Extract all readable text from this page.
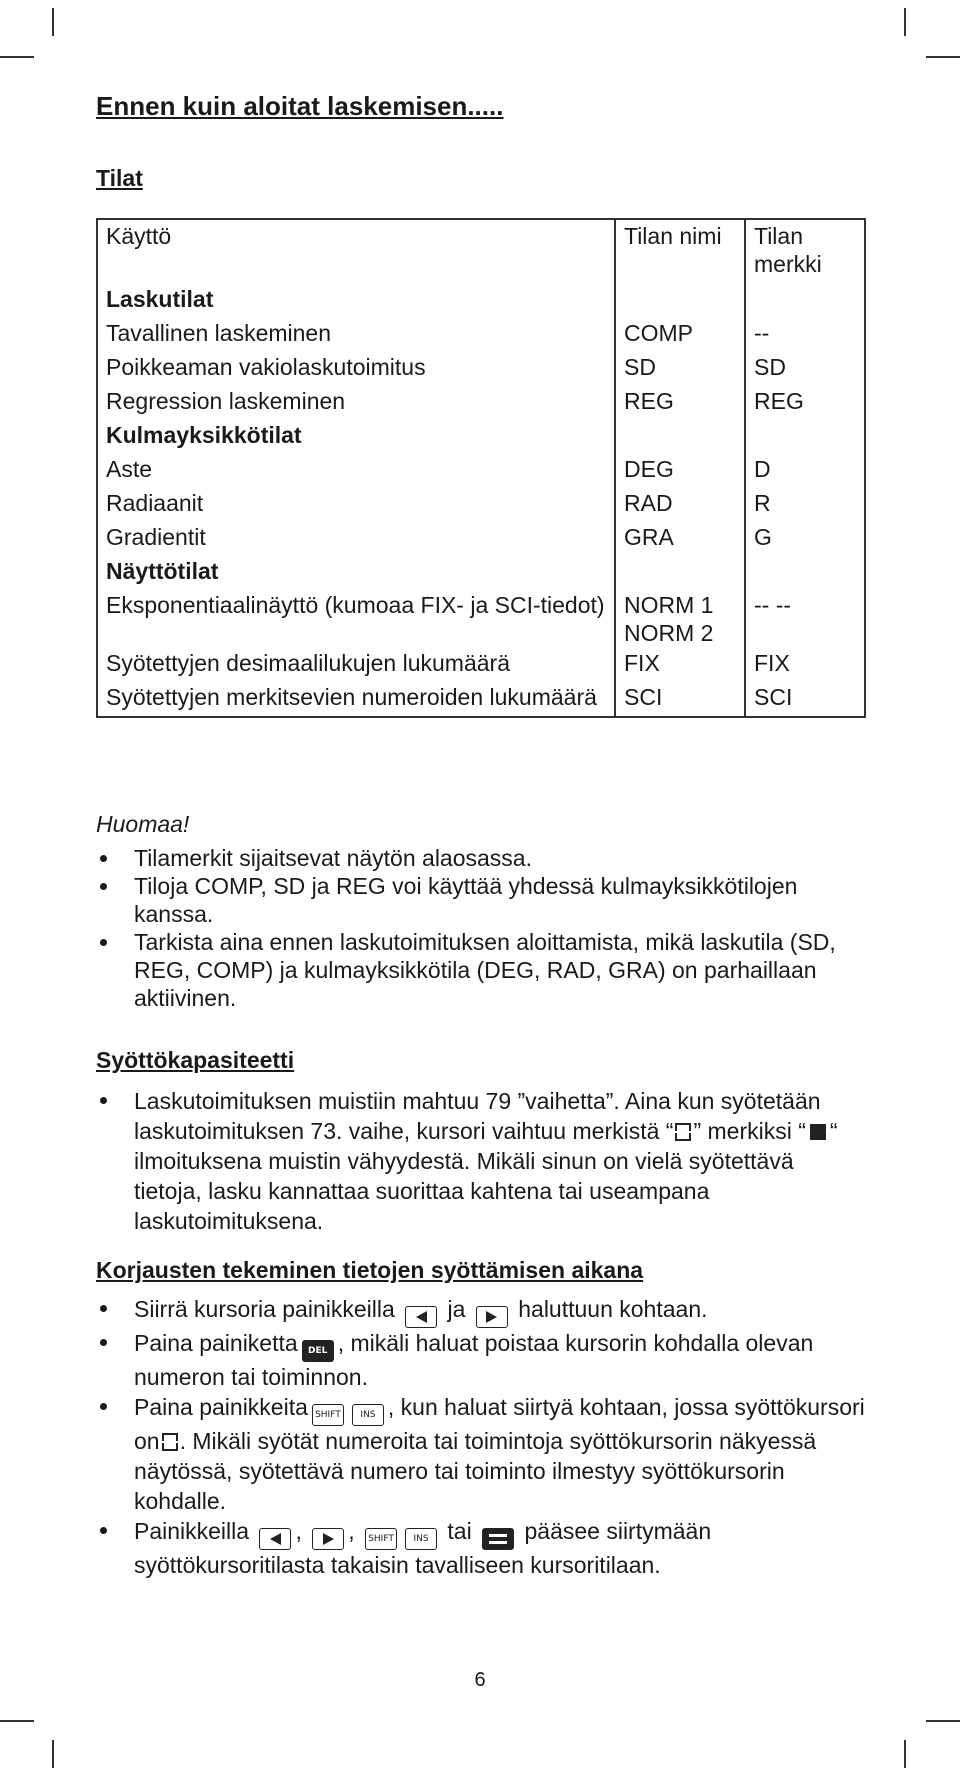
Ennen kuin aloitat laskemisen.....
Tilat
Käyttö	Tilan nimi	Tilan merkki
Laskutilat		
Tavallinen laskeminen	COMP	--
Poikkeaman vakiolaskutoimitus	SD	SD
Regression laskeminen	REG	REG
Kulmayksikkötilat		
Aste	DEG	D
Radiaanit	RAD	R
Gradientit	GRA	G
Näyttötilat		
Eksponentiaalinäyttö (kumoaa FIX- ja SCI-tiedot)	NORM 1 NORM 2	-- --
Syötettyjen desimaalilukujen lukumäärä	FIX	FIX
Syötettyjen merkitsevien numeroiden lukumäärä	SCI	SCI
Huomaa!
Tilamerkit sijaitsevat näytön alaosassa.
Tiloja COMP, SD ja REG voi käyttää yhdessä kulmayksikkötilojen kanssa.
Tarkista aina ennen laskutoimituksen aloittamista, mikä laskutila (SD, REG, COMP) ja kulmayksikkötila (DEG, RAD, GRA) on parhaillaan aktiivinen.
Syöttökapasiteetti
Laskutoimituksen muistiin mahtuu 79 ”vaihetta”. Aina kun syötetään laskutoimituksen 73. vaihe, kursori vaihtuu merkistä “ ” merkiksi “ “ ilmoituksena muistin vähyydestä. Mikäli sinun on vielä syötettävä tietoja, lasku kannattaa suorittaa kahtena tai useampana laskutoimituksena.
Korjausten tekeminen tietojen syöttämisen aikana
Siirrä kursoria painikkeilla ja haluttuun kohtaan.
Paina painiketta DEL , mikäli haluat poistaa kursorin kohdalla olevan numeron tai toiminnon.
Paina painikkeita SHIFT INS , kun haluat siirtyä kohtaan, jossa syöttökursori on . Mikäli syötät numeroita tai toimintoja syöttökursorin näkyessä näytössä, syötettävä numero tai toiminto ilmestyy syöttökursorin kohdalle.
Painikkeilla , , SHIFT INS tai pääsee siirtymään syöttökursoritilasta takaisin tavalliseen kursoritilaan.
6
